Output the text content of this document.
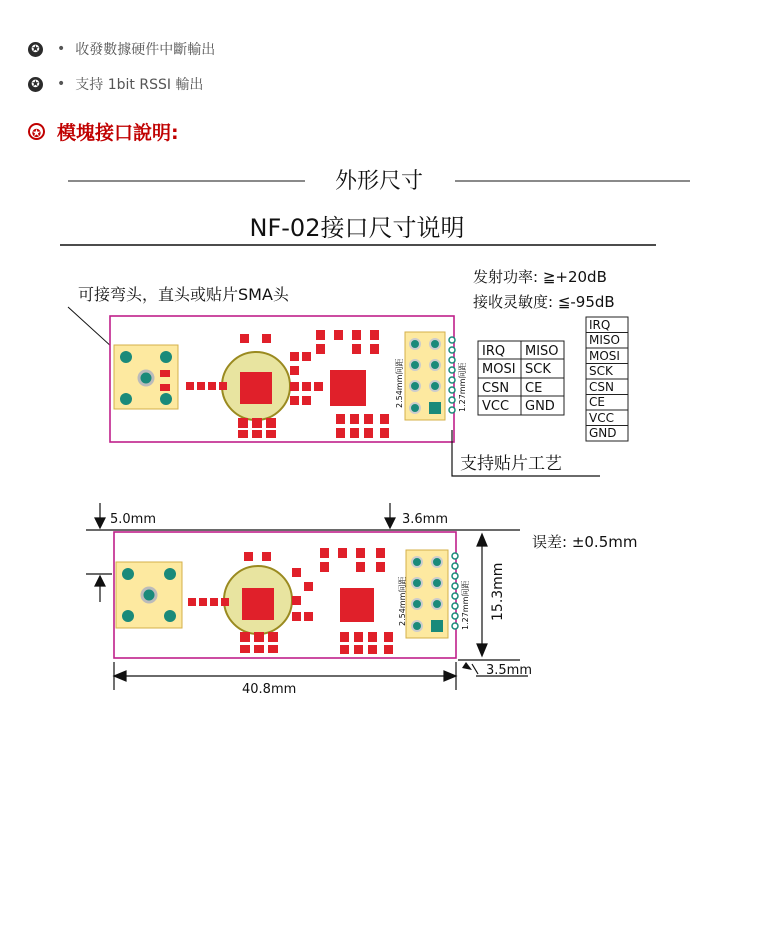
✪ • 收發數據硬件中斷輸出
✪ • 支持 1bit RSSI 輸出
✪ 模塊接口說明:
外形尺寸
NF-02接口尺寸说明
可接弯头，直头或贴片SMA头
发射功率: ≧+20dB
接收灵敏度: ≦-95dB
2.54mm间距	1.27mm间距
IRQ MISO
MOSI SCK
CSN CE
VCC GND
IRQ
MISO
MOSI
SCK
CSN
CE
VCC
GND
支持贴片工艺
2.54mm间距	1.27mm间距
5.0mm	3.6mm
误差: ±0.5mm
15.3mm
3.5mm
40.8mm
